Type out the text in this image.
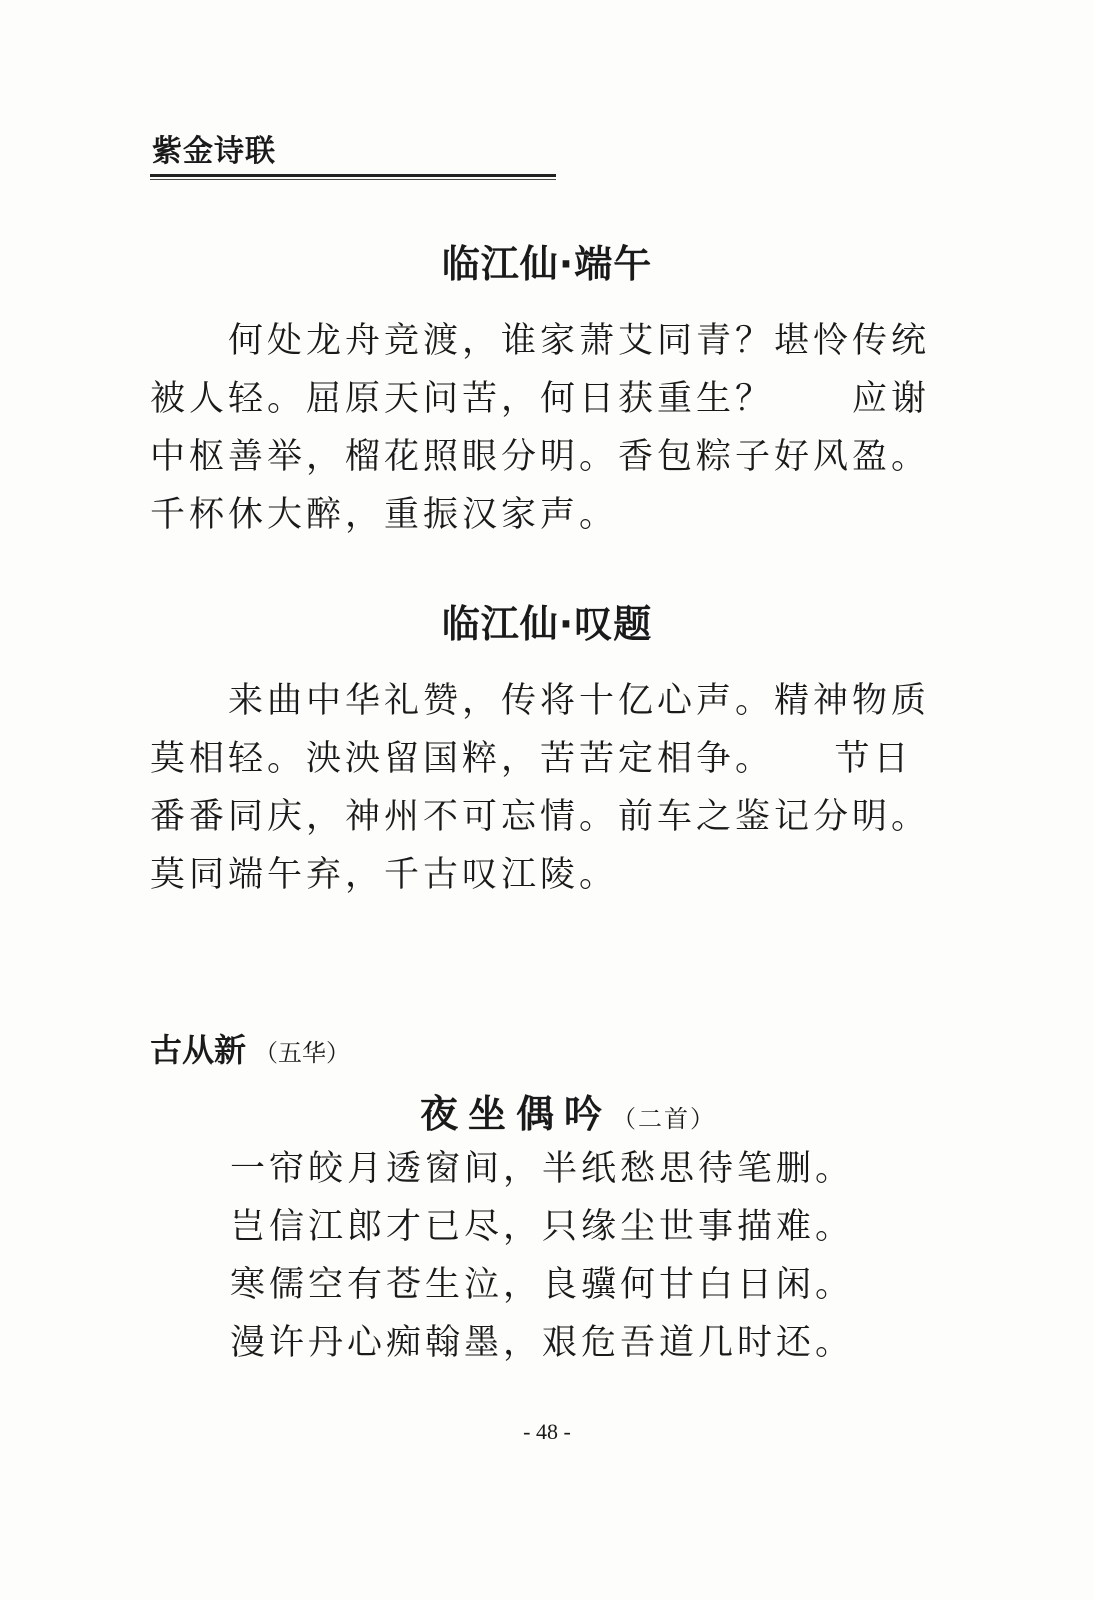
紫金诗联
临江仙·端午
　　何处龙舟竞渡，谁家萧艾同青？堪怜传统
被人轻。屈原天问苦，何日获重生？　　应谢
中枢善举，榴花照眼分明。香包粽子好风盈。
千杯休大醉，重振汉家声。
临江仙·叹题
　　来曲中华礼赞，传将十亿心声。精神物质
莫相轻。泱泱留国粹，苦苦定相争。　　节日
番番同庆，神州不可忘情。前车之鉴记分明。
莫同端午弃，千古叹江陵。
古从新 （五华）
夜坐偶吟（二首）
一帘皎月透窗间，半纸愁思待笔删。
岂信江郎才已尽，只缘尘世事描难。
寒儒空有苍生泣，良骥何甘白日闲。
漫许丹心痴翰墨，艰危吾道几时还。
- 48 -
